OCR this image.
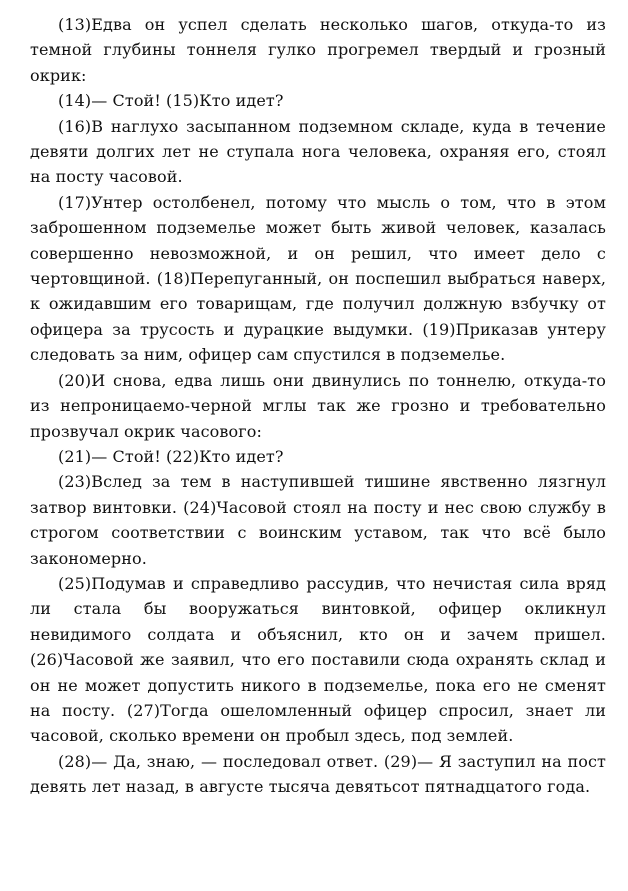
(13)Едва он успел сделать несколько шагов, откуда-то из темной глубины тоннеля гулко прогремел твердый и грозный окрик:

(14)— Стой! (15)Кто идет?

(16)В наглухо засыпанном подземном складе, куда в течение девяти долгих лет не ступала нога человека, охраняя его, стоял на посту часовой.

(17)Унтер остолбенел, потому что мысль о том, что в этом заброшенном подземелье может быть живой человек, казалась совершенно невозможной, и он решил, что имеет дело с чертовщиной. (18)Перепуганный, он поспешил выбраться наверх, к ожидавшим его товарищам, где получил должную взбучку от офицера за трусость и дурацкие выдумки. (19)Приказав унтеру следовать за ним, офицер сам спустился в подземелье.

(20)И снова, едва лишь они двинулись по тоннелю, откуда-то из непроницаемо-черной мглы так же грозно и требовательно прозвучал окрик часового:

(21)— Стой! (22)Кто идет?

(23)Вслед за тем в наступившей тишине явственно лязгнул затвор винтовки. (24)Часовой стоял на посту и нес свою службу в строгом соответствии с воинским уставом, так что всё было закономерно.

(25)Подумав и справедливо рассудив, что нечистая сила вряд ли стала бы вооружаться винтовкой, офицер окликнул невидимого солдата и объяснил, кто он и зачем пришел. (26)Часовой же заявил, что его поставили сюда охранять склад и он не может допустить никого в подземелье, пока его не сменят на посту. (27)Тогда ошеломленный офицер спросил, знает ли часовой, сколько времени он пробыл здесь, под землей.

(28)— Да, знаю, — последовал ответ. (29)— Я заступил на пост девять лет назад, в августе тысяча девятьсот пятнадцатого года.
